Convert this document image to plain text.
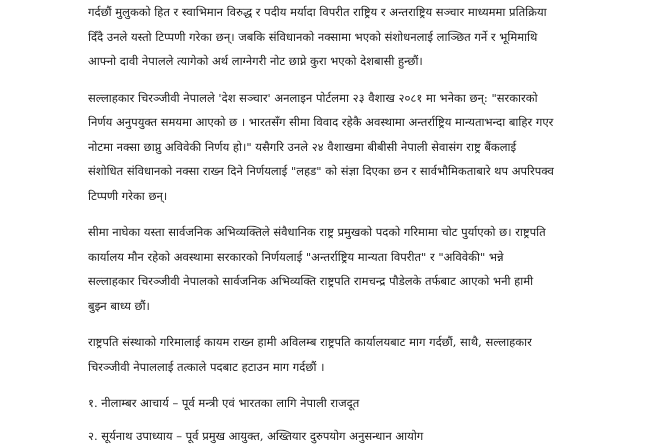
गर्दछौं मुलुकको हित र स्वाभिमान विरुद्ध र पदीय मर्यादा विपरीत राष्ट्रिय र अन्तराष्ट्रिय सञ्चार माध्यममा प्रतिक्रिया
दिँदै उनले यस्तो टिप्पणी गरेका छन्। जबकि संविधानको नक्सामा भएको संशोधनलाई लाञ्छित गर्ने र भूमिमाथि
आफ्नो दावी नेपालले त्यागेको अर्थ लाग्नेगरी नोट छाप्ने कुरा भएको देशबासी हुन्छौं।
सल्लाहकार चिरञ्जीवी नेपालले 'देश सञ्चार' अनलाइन पोर्टलमा २३ वैशाख २०८१ मा भनेका छन्: "सरकारको
निर्णय अनुपयुक्त समयमा आएको छ । भारतसँग सीमा विवाद रहेकै अवस्थामा अन्तर्राष्ट्रिय मान्यताभन्दा बाहिर गएर
नोटमा नक्सा छाप्नु अविवेकी निर्णय हो।" यसैगरि उनले २४ वैशाखमा बीबीसी नेपाली सेवासंग राष्ट्र बैंकलाई
संशोधित संविधानको नक्सा राख्न दिने निर्णयलाई "लहड" को संज्ञा दिएका छन र सार्वभौमिकताबारे थप अपरिपक्व
टिप्पणी गरेका छन्।
सीमा नाघेका यस्ता सार्वजनिक अभिव्यक्तिले संवैधानिक राष्ट्र प्रमुखको पदको गरिमामा चोट पुर्याएको छ। राष्ट्रपति
कार्यालय मौन रहेको अवस्थामा सरकारको निर्णयलाई "अन्तर्राष्ट्रिय मान्यता विपरीत" र "अविवेकी" भन्ने
सल्लाहकार चिरञ्जीवी नेपालको सार्वजनिक अभिव्यक्ति राष्ट्रपति रामचन्द्र पौडेलके तर्फबाट आएको भनी हामी
बुझ्न बाध्य छौं।
राष्ट्रपति संस्थाको गरिमालाई कायम राख्न हामी अविलम्ब राष्ट्रपति कार्यालयबाट माग गर्दछौं, साथै, सल्लाहकार
चिरञ्जीवी नेपाललाई तत्काले पदबाट हटाउन माग गर्दछौं ।
१. नीलाम्बर आचार्य – पूर्व मन्त्री एवं भारतका लागि नेपाली राजदूत
२. सूर्यनाथ उपाध्याय – पूर्व प्रमुख आयुक्त, अख्तियार दुरुपयोग अनुसन्धान आयोग
